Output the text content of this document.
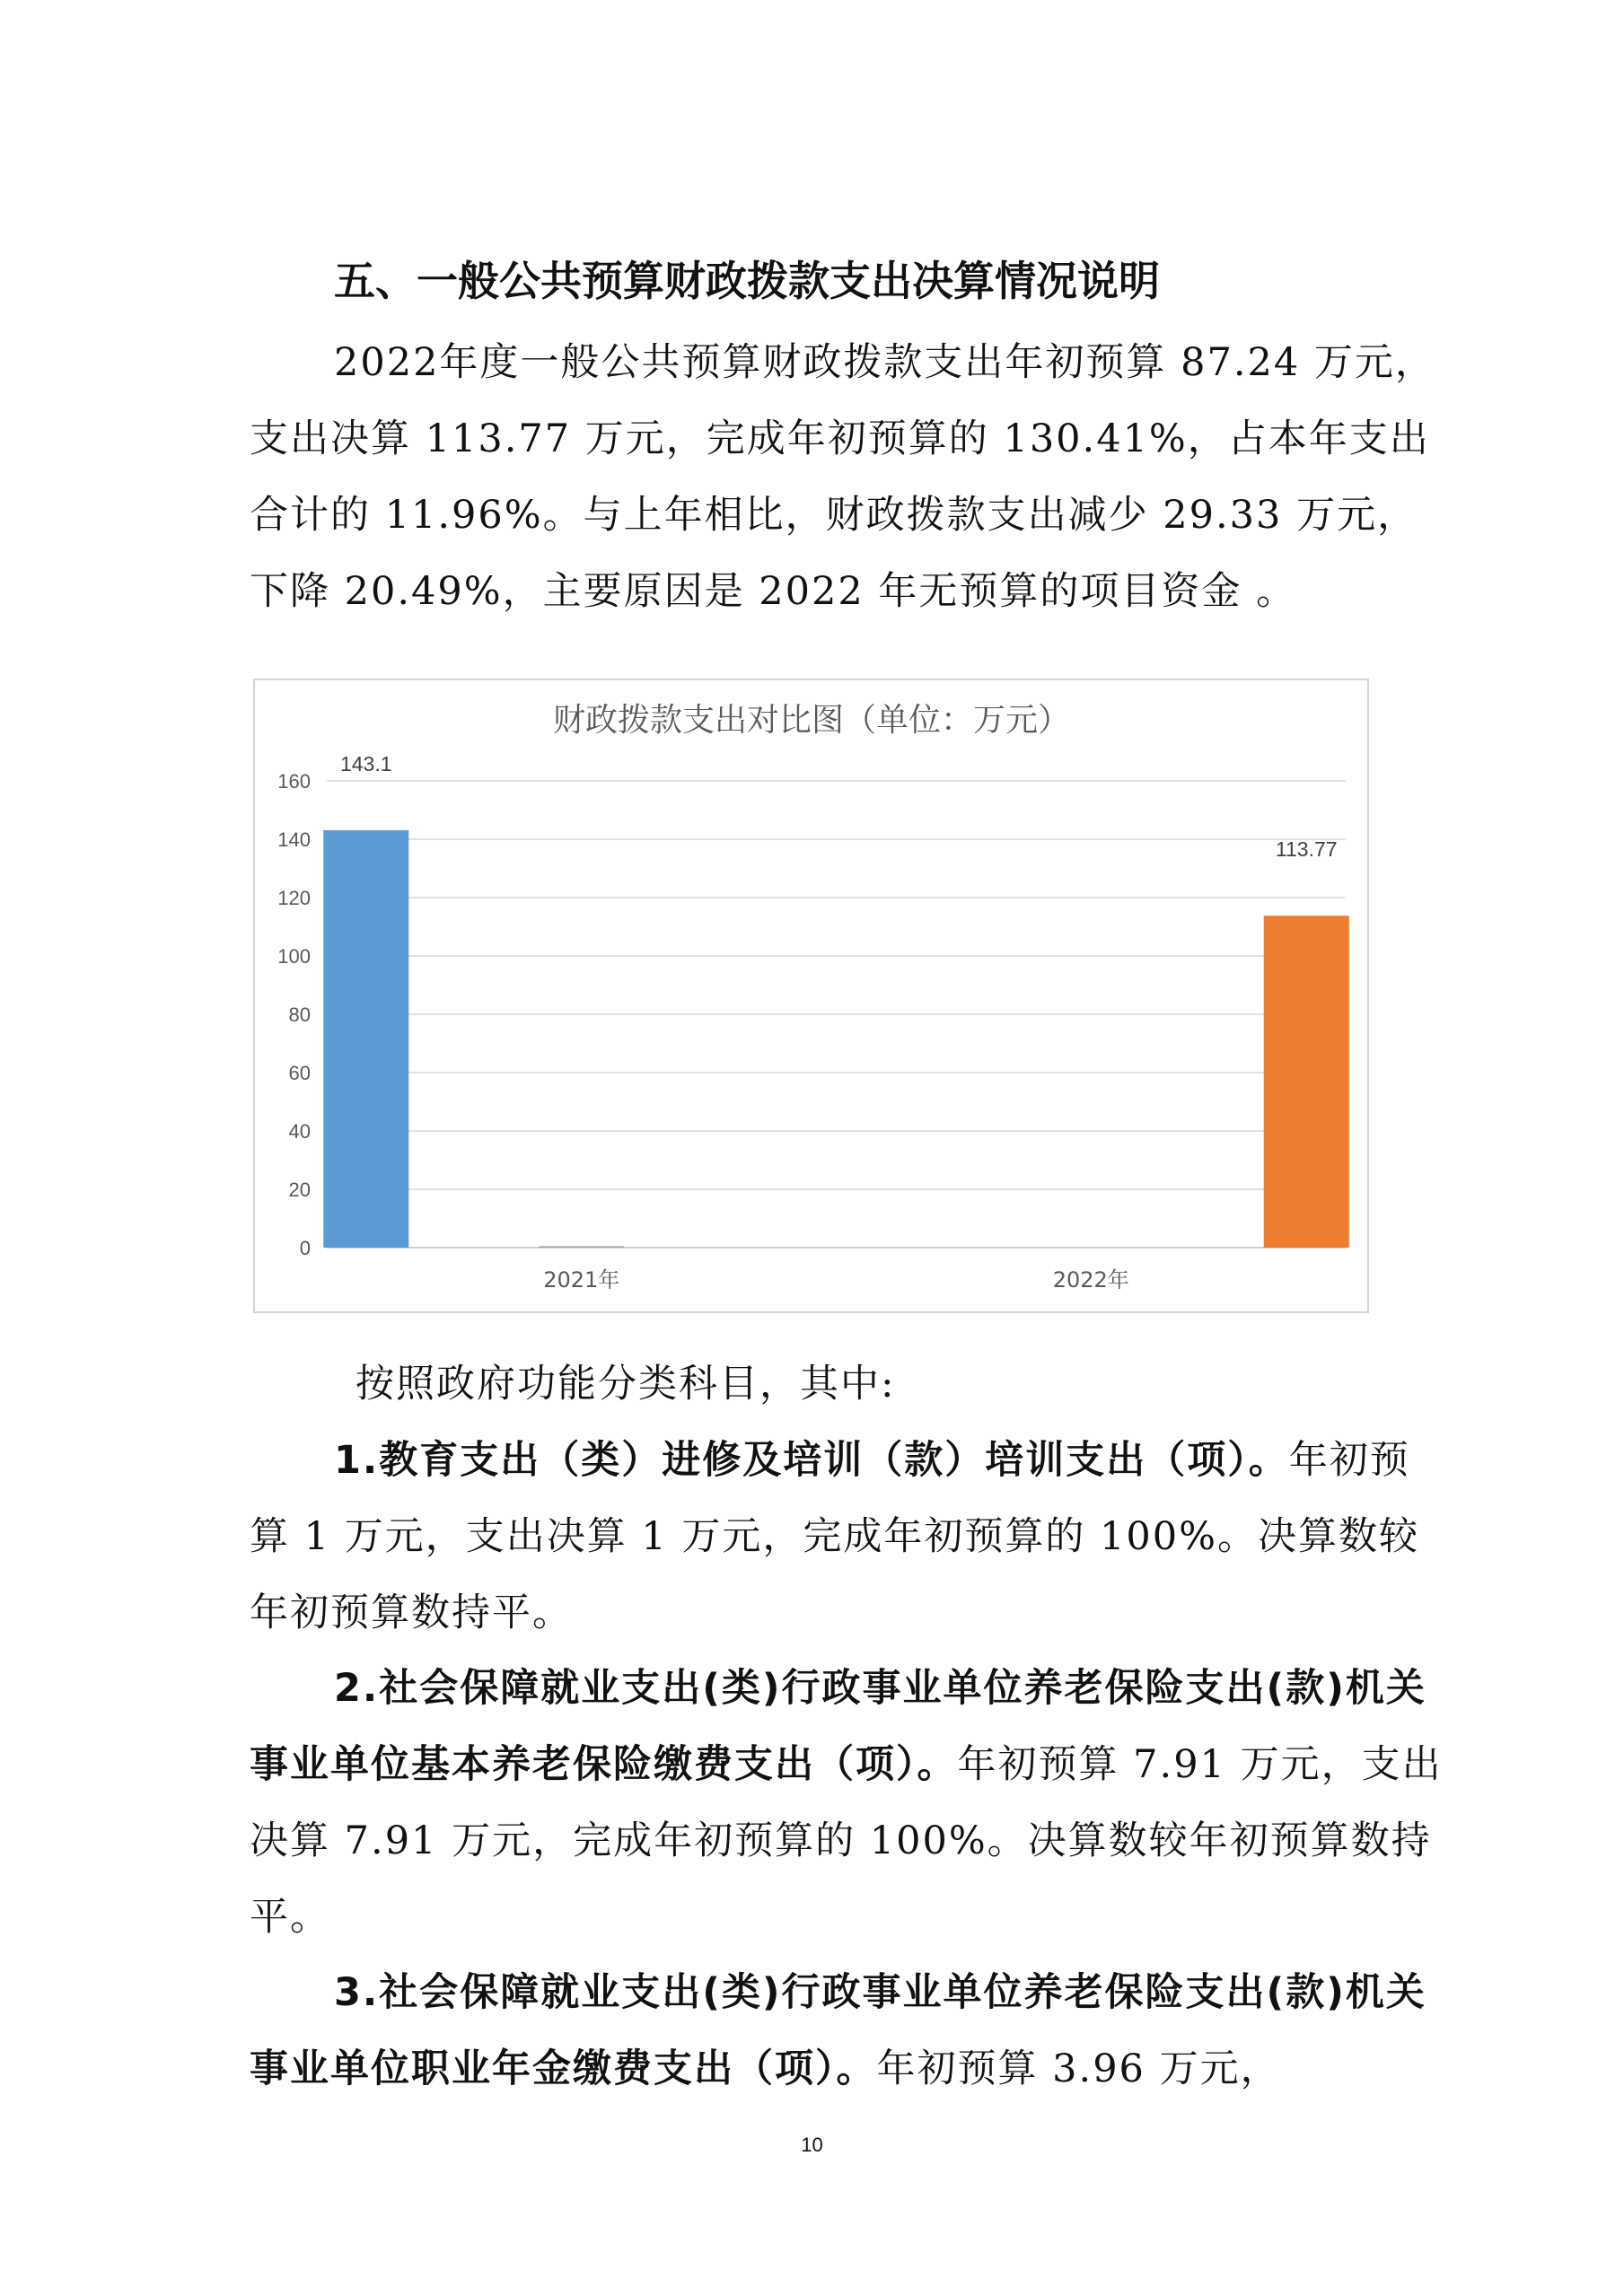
五、一般公共预算财政拨款支出决算情况说明

2022年度一般公共预算财政拨款支出年初预算 87.24 万元，支出决算 113.77 万元，完成年初预算的 130.41%，占本年支出合计的 11.96%。与上年相比，财政拨款支出减少 29.33 万元，下降 20.49%，主要原因是 2022 年无预算的项目资金 。

财政拨款支出对比图（单位：万元）
0
20
40
60
80
100
120
140
160
2021年
143.1
2022年
113.77

按照政府功能分类科目，其中:

1.教育支出（类）进修及培训（款）培训支出（项）。年初预算 1 万元，支出决算 1 万元，完成年初预算的 100%。决算数较年初预算数持平。

2.社会保障就业支出(类)行政事业单位养老保险支出(款)机关事业单位基本养老保险缴费支出（项）。年初预算 7.91 万元，支出决算 7.91 万元，完成年初预算的 100%。决算数较年初预算数持平。

3.社会保障就业支出(类)行政事业单位养老保险支出(款)机关事业单位职业年金缴费支出（项）。年初预算 3.96 万元，

10
